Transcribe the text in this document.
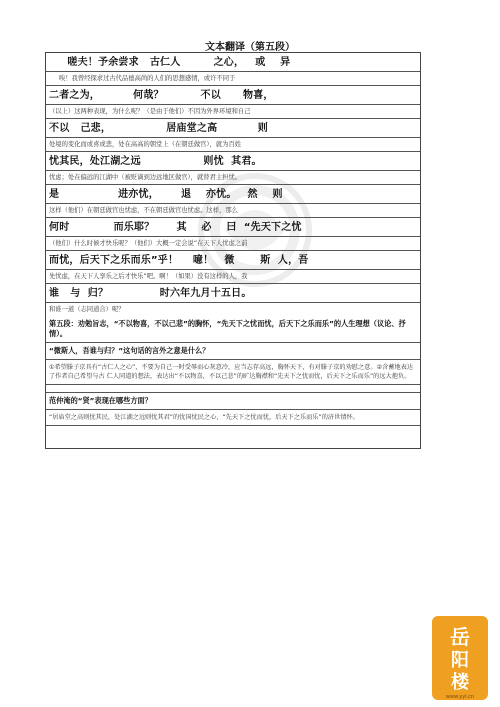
文本翻译（第五段）
嗟夫！予余尝求   古仁人         之心，   或    异
唉！我曾经探求过古代品德高尚的人们的思想感情，或许不同于
二者之为，         何哉？          不以      物喜，
（以上）这两种表现，为什么呢？（是由于他们）不因为外界环境和自己
不以   己悲，               居庙堂之高           则
处境的变化而或喜或悲，处在高高的朝堂上（在朝廷做官），就为百姓
忧其民，处江湖之远                 则忧  其君。
忧虑；处在偏远的江湖中（被贬谪到边远地区做官），就替君主担忧。
是                进亦忧，      退    亦忧。   然    则
这样（他们）在朝廷做官也忧虑，不在朝廷做官也忧虑。这样，那么
何时            而乐耶？      其    必    曰  “先天下之忧
（他们）什么时候才快乐呢？（他们）大概一定会说“在天下人忧虑之前
而忧，后天下之乐而乐”乎！    噫！   微       斯  人，吾
先忧虑，在天下人享乐之后才快乐”吧。啊！（如果）没有这样的人，我
谁   与  归？              时六年九月十五日。
和谁一道（志同道合）呢？
第五段：劝勉旨志，“不以物喜，不以己悲”的胸怀，“先天下之忧而忧，后天下之乐而乐”的人生理想（议论、抒情）。
“微斯人，吾谁与归？”这句话的言外之意是什么？
①希望滕子京具有“古仁人之心”，不要为自己一时受辱而心灰意冷，应当志存高远，胸怀天下，有对滕子京的劝慰之意。②含蓄地表达了作者自己希望与古 仁人同道的想法，表达出“不以物喜，不以己悲”的旷达胸襟和“先天下之忧而忧，后天下之乐而乐”的远大抱负。
范仲淹的“贤”表现在哪些方面？
“居庙堂之高则忧其民，处江湖之远则忧其君”的忧国忧民之心，“先天下之忧而忧，后天下之乐而乐”的济世情怀。
岳
阳
楼
www.yyl.cn
